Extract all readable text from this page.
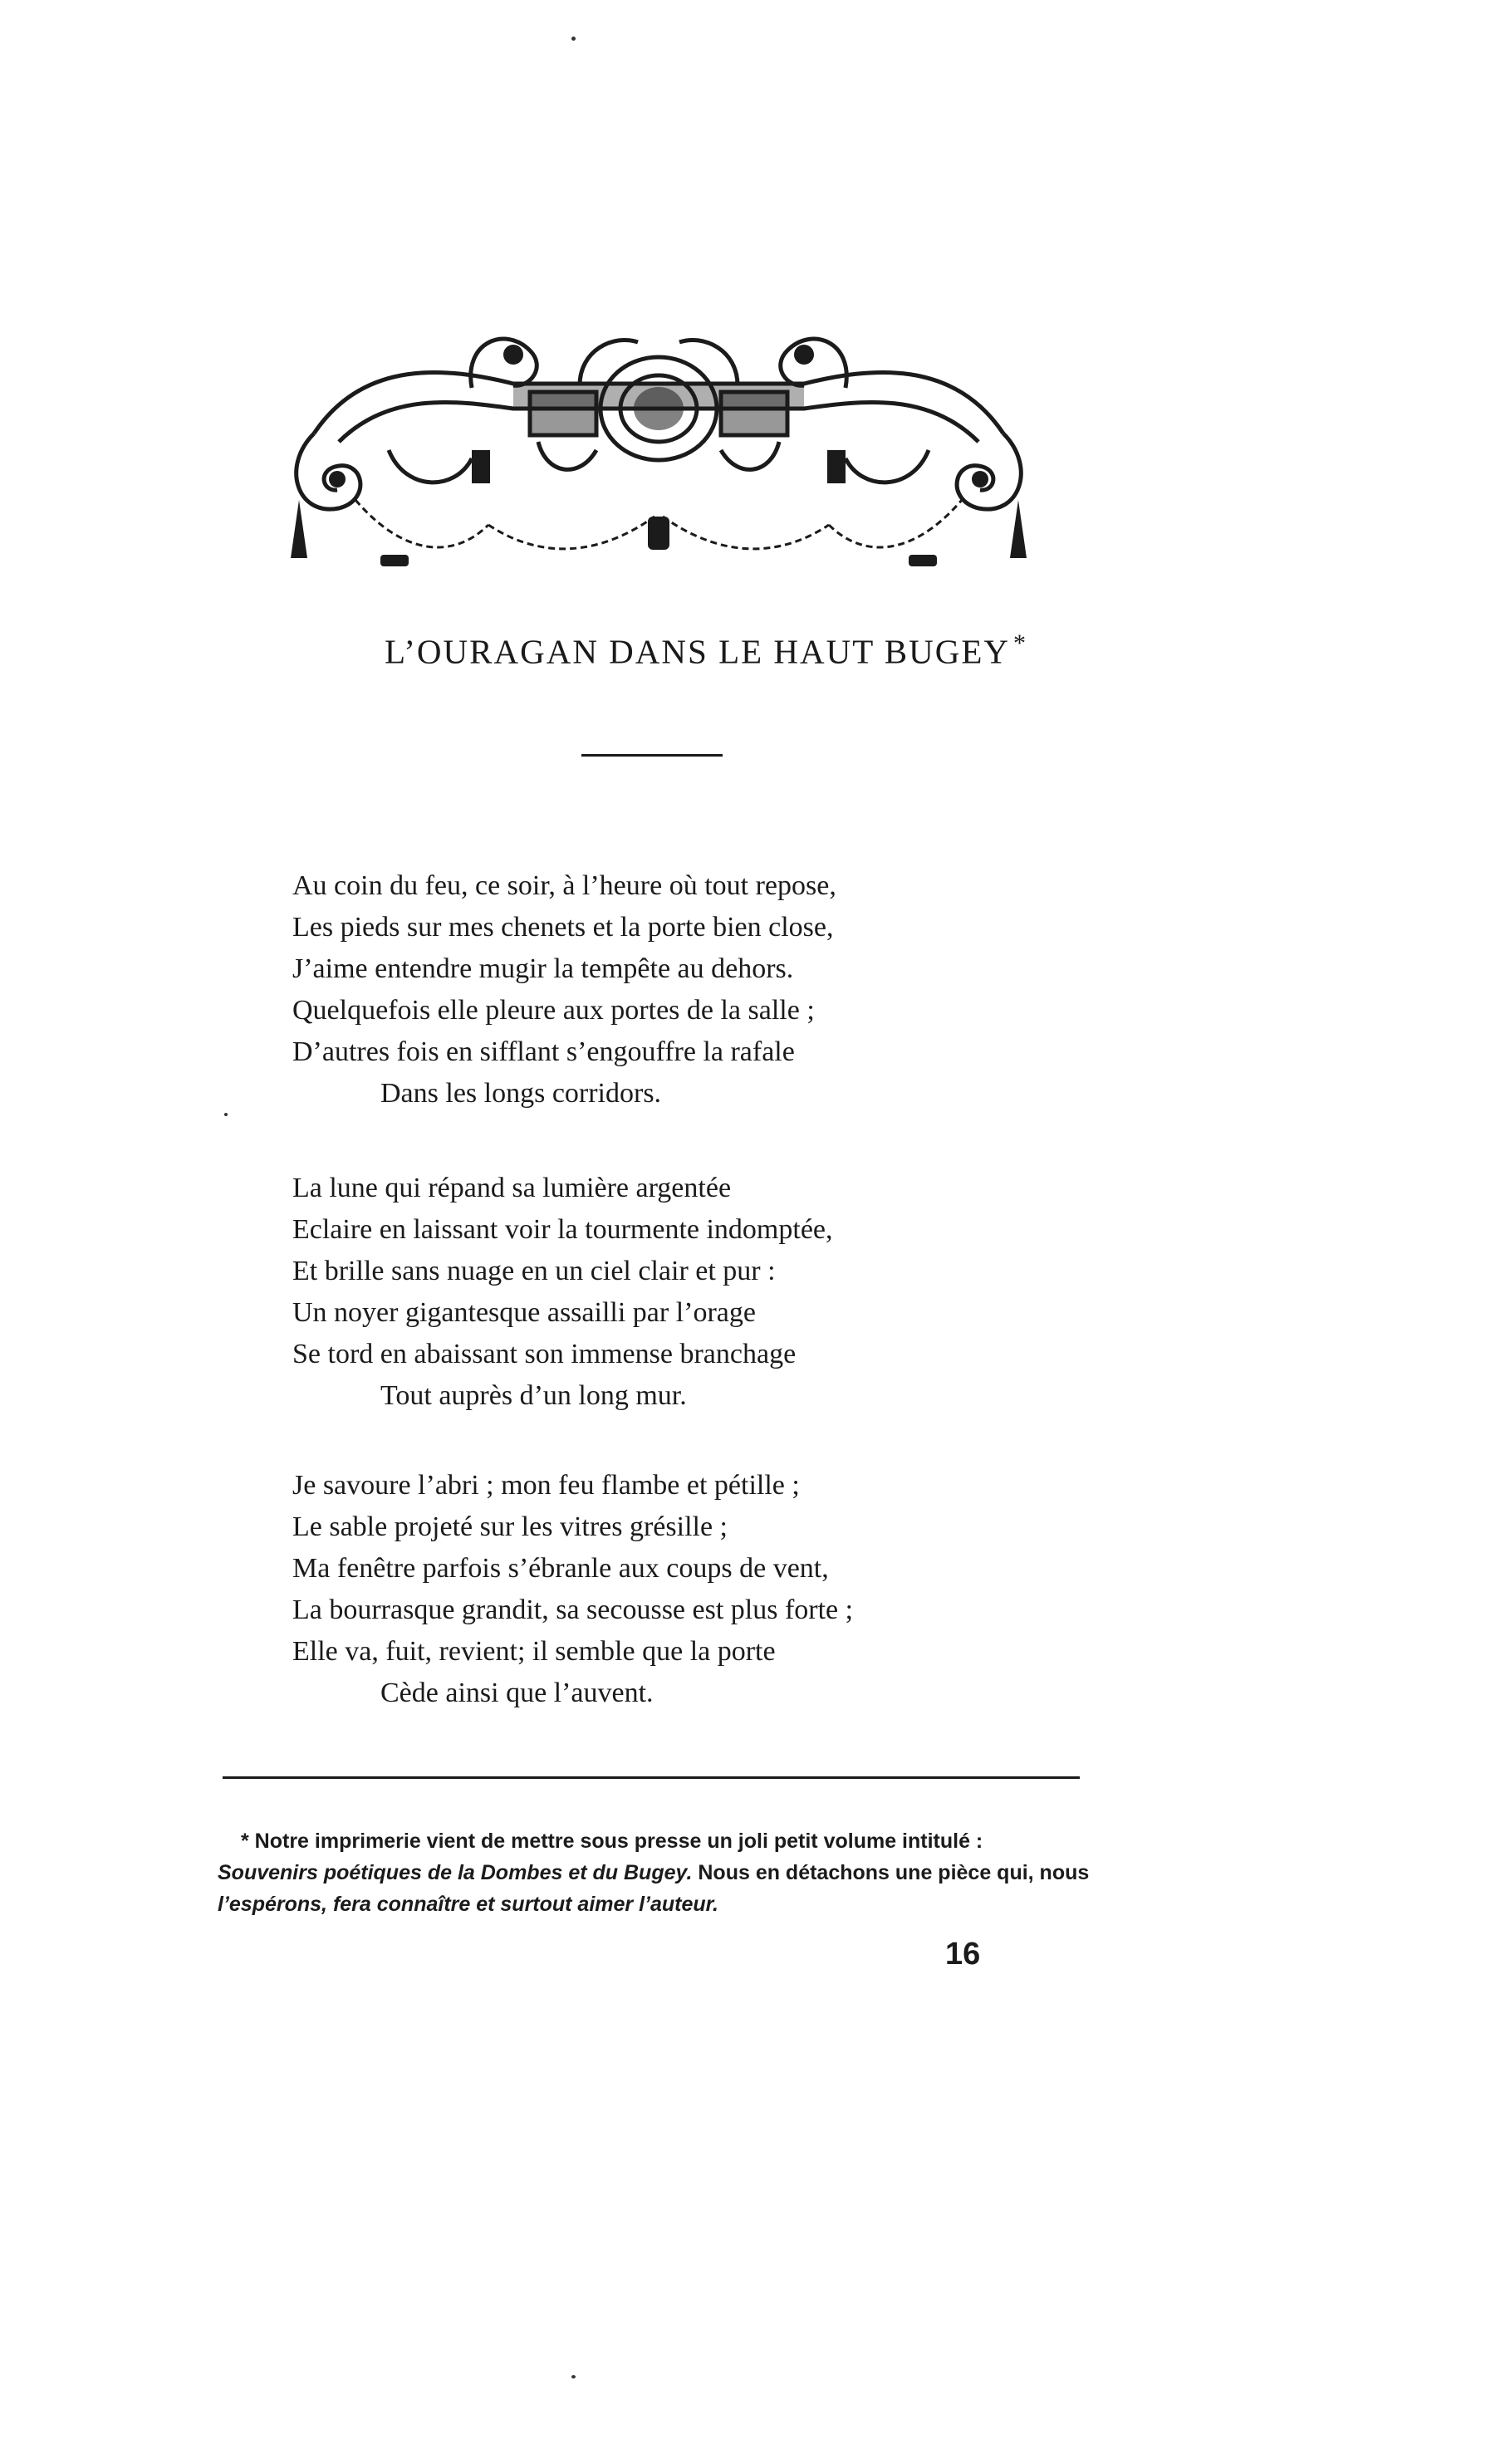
L’OURAGAN DANS LE HAUT BUGEY *
Au coin du feu, ce soir, à l’heure où tout repose,
Les pieds sur mes chenets et la porte bien close,
J’aime entendre mugir la tempête au dehors.
Quelquefois elle pleure aux portes de la salle ;
D’autres fois en sifflant s’engouffre la rafale
Dans les longs corridors.
La lune qui répand sa lumière argentée
Eclaire en laissant voir la tourmente indomptée,
Et brille sans nuage en un ciel clair et pur :
Un noyer gigantesque assailli par l’orage
Se tord en abaissant son immense branchage
Tout auprès d’un long mur.
Je savoure l’abri ; mon feu flambe et pétille ;
Le sable projeté sur les vitres grésille ;
Ma fenêtre parfois s’ébranle aux coups de vent,
La bourrasque grandit, sa secousse est plus forte ;
Elle va, fuit, revient; il semble que la porte
Cède ainsi que l’auvent.
* Notre imprimerie vient de mettre sous presse un joli petit volume intitulé :
Souvenirs poétiques de la Dombes et du Bugey. Nous en détachons une pièce qui, nous
l’espérons, fera connaître et surtout aimer l’auteur.
16
